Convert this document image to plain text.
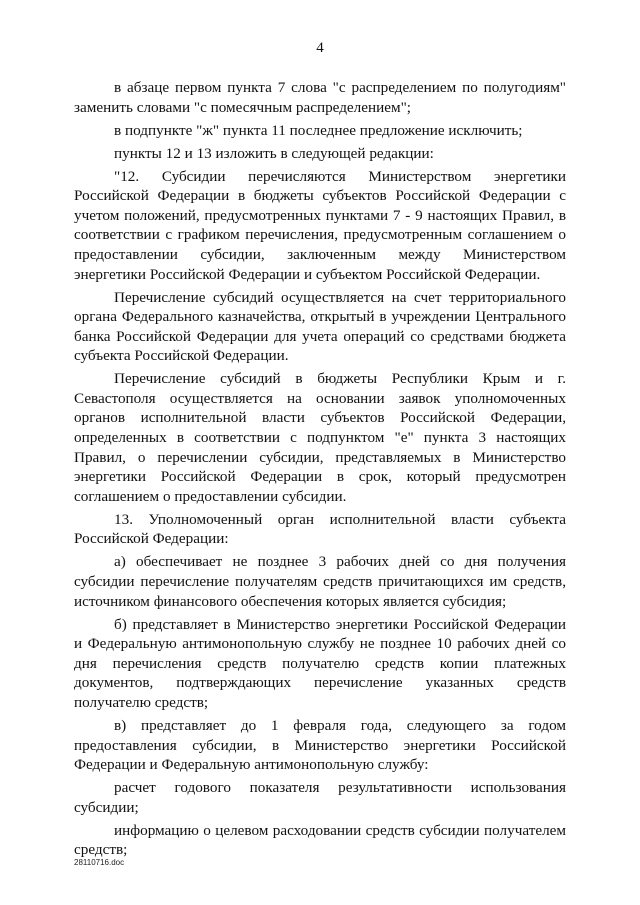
4

в абзаце первом пункта 7 слова "с распределением по полугодиям" заменить словами "с помесячным распределением";

в подпункте "ж" пункта 11 последнее предложение исключить;

пункты 12 и 13 изложить в следующей редакции:

"12. Субсидии перечисляются Министерством энергетики Российской Федерации в бюджеты субъектов Российской Федерации с учетом положений, предусмотренных пунктами 7 - 9 настоящих Правил, в соответствии с графиком перечисления, предусмотренным соглашением о предоставлении субсидии, заключенным между Министерством энергетики Российской Федерации и субъектом Российской Федерации.

Перечисление субсидий осуществляется на счет территориального органа Федерального казначейства, открытый в учреждении Центрального банка Российской Федерации для учета операций со средствами бюджета субъекта Российской Федерации.

Перечисление субсидий в бюджеты Республики Крым и г. Севастополя осуществляется на основании заявок уполномоченных органов исполнительной власти субъектов Российской Федерации, определенных в соответствии с подпунктом "е" пункта 3 настоящих Правил, о перечислении субсидии, представляемых в Министерство энергетики Российской Федерации в срок, который предусмотрен соглашением о предоставлении субсидии.

13. Уполномоченный орган исполнительной власти субъекта Российской Федерации:

а) обеспечивает не позднее 3 рабочих дней со дня получения субсидии перечисление получателям средств причитающихся им средств, источником финансового обеспечения которых является субсидия;

б) представляет в Министерство энергетики Российской Федерации и Федеральную антимонопольную службу не позднее 10 рабочих дней со дня перечисления средств получателю средств копии платежных документов, подтверждающих перечисление указанных средств получателю средств;

в) представляет до 1 февраля года, следующего за годом предоставления субсидии, в Министерство энергетики Российской Федерации и Федеральную антимонопольную службу:

расчет годового показателя результативности использования субсидии;

информацию о целевом расходовании средств субсидии получателем средств;

28110716.doc
